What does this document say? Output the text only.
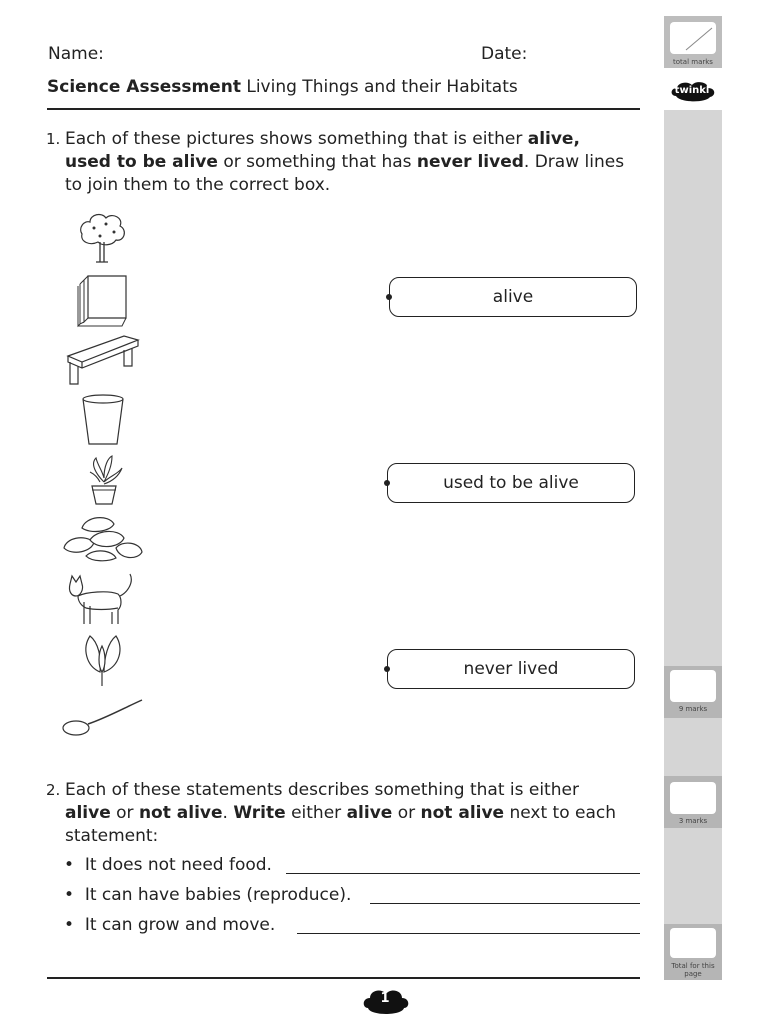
Name:	Date:
Science Assessment Living Things and their Habitats
1. Each of these pictures shows something that is either alive,
used to be alive or something that has never lived. Draw lines
to join them to the correct box.
alive
used to be alive
never lived
2. Each of these statements describes something that is either
alive or not alive. Write either alive or not alive next to each
statement:
•  It does not need food.
•  It can have babies (reproduce).
•  It can grow and move.
1
total marks
twinkl
9 marks
3 marks
Total for this page
